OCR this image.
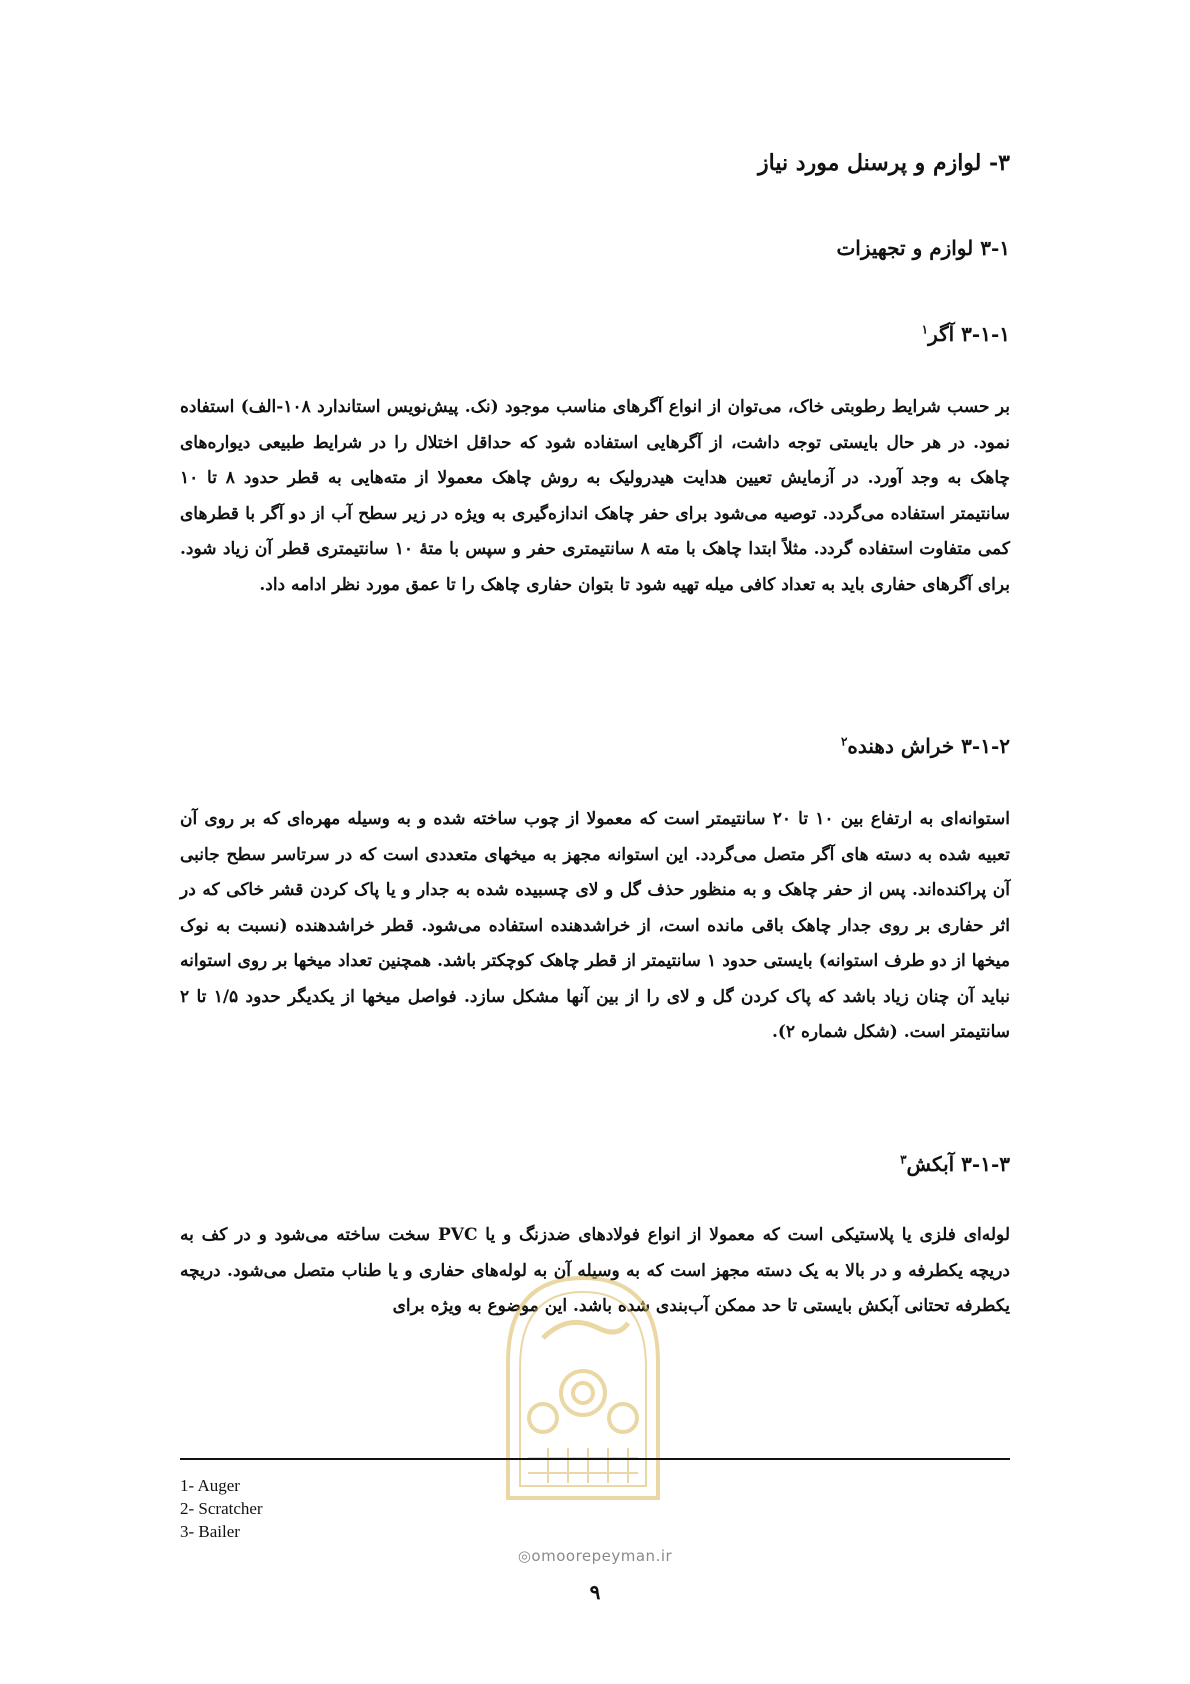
۳- لوازم و پرسنل مورد نیاز
۳-۱ لوازم و تجهیزات
۳-۱-۱ آگر$^۱$

بر حسب شرایط رطوبتی خاک، می‌توان از انواع آگرهای مناسب موجود (نک. پیش‌نویس استاندارد ۱۰۸-الف) استفاده نمود. در هر حال بایستی توجه داشت، از آگرهایی استفاده شود که حداقل اختلال را در شرایط طبیعی دیواره‌های چاهک به وجد آورد. در آزمایش تعیین هدایت هیدرولیک به روش چاهک معمولا از مته‌هایی به قطر حدود ۸ تا ۱۰ سانتیمتر استفاده می‌گردد. توصیه می‌شود برای حفر چاهک اندازه‌گیری به ویژه در زیر سطح آب از دو آگر با قطرهای کمی متفاوت استفاده گردد. مثلاً ابتدا چاهک با مته ۸ سانتیمتری حفر و سپس با متهٔ ۱۰ سانتیمتری قطر آن زیاد شود. برای آگرهای حفاری باید به تعداد کافی میله تهیه شود تا بتوان حفاری چاهک را تا عمق مورد نظر ادامه داد.

۳-۱-۲ خراش دهنده$^۲$

استوانه‌ای به ارتفاع بین ۱۰ تا ۲۰ سانتیمتر است که معمولا از چوب ساخته شده و به وسیله مهره‌ای که بر روی آن تعبیه شده به دسته های آگر متصل می‌گردد. این استوانه مجهز به میخهای متعددی است که در سرتاسر سطح جانبی آن پراکنده‌اند. پس از حفر چاهک و به منظور حذف گل و لای چسبیده شده به جدار و یا پاک کردن قشر خاکی که در اثر حفاری بر روی جدار چاهک باقی مانده است، از خراشدهنده استفاده می‌شود. قطر خراشدهنده (نسبت به نوک میخها از دو طرف استوانه) بایستی حدود ۱ سانتیمتر از قطر چاهک کوچکتر باشد. همچنین تعداد میخها بر روی استوانه نباید آن چنان زیاد باشد که پاک کردن گل و لای را از بین آنها مشکل سازد. فواصل میخها از یکدیگر حدود ۱/۵ تا ۲ سانتیمتر است. (شکل شماره ۲).

۳-۱-۳ آبکش$^۳$

لوله‌ای فلزی یا پلاستیکی است که معمولا از انواع فولادهای ضدزنگ و یا PVC سخت ساخته می‌شود و در کف به دریچه یکطرفه و در بالا به یک دسته مجهز است که به وسیله آن به لوله‌های حفاری و یا طناب متصل می‌شود. دریچه یکطرفه تحتانی آبکش بایستی تا حد ممکن آب‌بندی شده باشد. این موضوع به ویژه برای

1- Auger
2- Scratcher
3- Bailer
◎omoorepeyman.ir
۹
